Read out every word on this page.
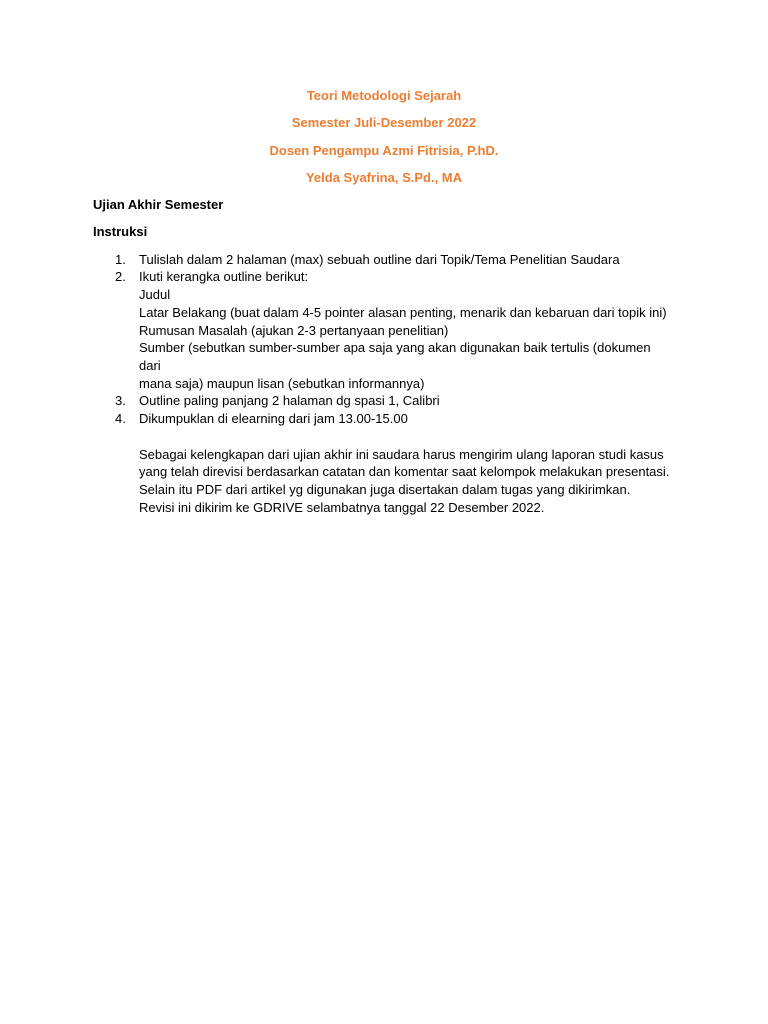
Teori Metodologi Sejarah

Semester Juli-Desember 2022

Dosen Pengampu Azmi Fitrisia, P.hD.

Yelda Syafrina, S.Pd., MA

Ujian Akhir Semester

Instruksi

1. Tulislah dalam 2 halaman (max) sebuah outline dari Topik/Tema Penelitian Saudara
2. Ikuti kerangka outline berikut:
Judul
Latar Belakang (buat dalam 4-5 pointer alasan penting, menarik dan kebaruan dari topik ini)
Rumusan Masalah (ajukan 2-3 pertanyaan penelitian)
Sumber (sebutkan sumber-sumber apa saja yang akan digunakan baik tertulis (dokumen dari
mana saja) maupun lisan (sebutkan informannya)
3. Outline paling panjang 2 halaman dg spasi 1, Calibri
4. Dikumpuklan di elearning dari jam 13.00-15.00
Sebagai kelengkapan dari ujian akhir ini saudara harus mengirim ulang laporan studi kasus
yang telah direvisi berdasarkan catatan dan komentar saat kelompok melakukan presentasi.
Selain itu PDF dari artikel yg digunakan juga disertakan dalam tugas yang dikirimkan.
Revisi ini dikirim ke GDRIVE selambatnya tanggal 22 Desember 2022.
